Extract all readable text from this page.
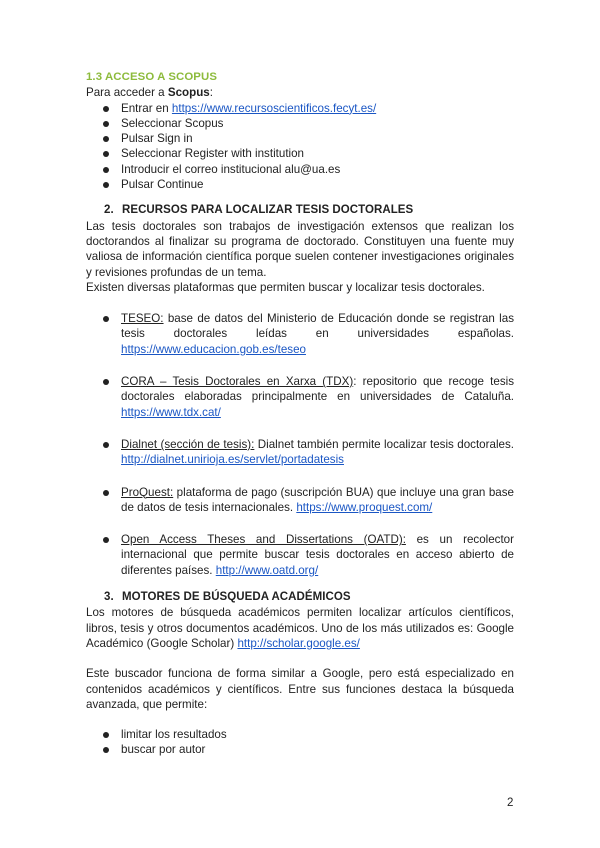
1.3 ACCESO A SCOPUS

Para acceder a Scopus:

Entrar en https://www.recursoscientificos.fecyt.es/
Seleccionar Scopus
Pulsar Sign in
Seleccionar Register with institution
Introducir el correo institucional alu@ua.es
Pulsar Continue

2. RECURSOS PARA LOCALIZAR TESIS DOCTORALES

Las tesis doctorales son trabajos de investigación extensos que realizan los doctorandos al finalizar su programa de doctorado. Constituyen una fuente muy valiosa de información científica porque suelen contener investigaciones originales y revisiones profundas de un tema.

Existen diversas plataformas que permiten buscar y localizar tesis doctorales.

TESEO: base de datos del Ministerio de Educación donde se registran las tesis doctorales leídas en universidades españolas. https://www.educacion.gob.es/teseo
CORA – Tesis Doctorales en Xarxa (TDX): repositorio que recoge tesis doctorales elaboradas principalmente en universidades de Cataluña. https://www.tdx.cat/
Dialnet (sección de tesis): Dialnet también permite localizar tesis doctorales. http://dialnet.unirioja.es/servlet/portadatesis
ProQuest: plataforma de pago (suscripción BUA) que incluye una gran base de datos de tesis internacionales. https://www.proquest.com/
Open Access Theses and Dissertations (OATD): es un recolector internacional que permite buscar tesis doctorales en acceso abierto de diferentes países. http://www.oatd.org/

3. MOTORES DE BÚSQUEDA ACADÉMICOS

Los motores de búsqueda académicos permiten localizar artículos científicos, libros, tesis y otros documentos académicos. Uno de los más utilizados es: Google Académico (Google Scholar) http://scholar.google.es/

Este buscador funciona de forma similar a Google, pero está especializado en contenidos académicos y científicos. Entre sus funciones destaca la búsqueda avanzada, que permite:

limitar los resultados
buscar por autor
2
